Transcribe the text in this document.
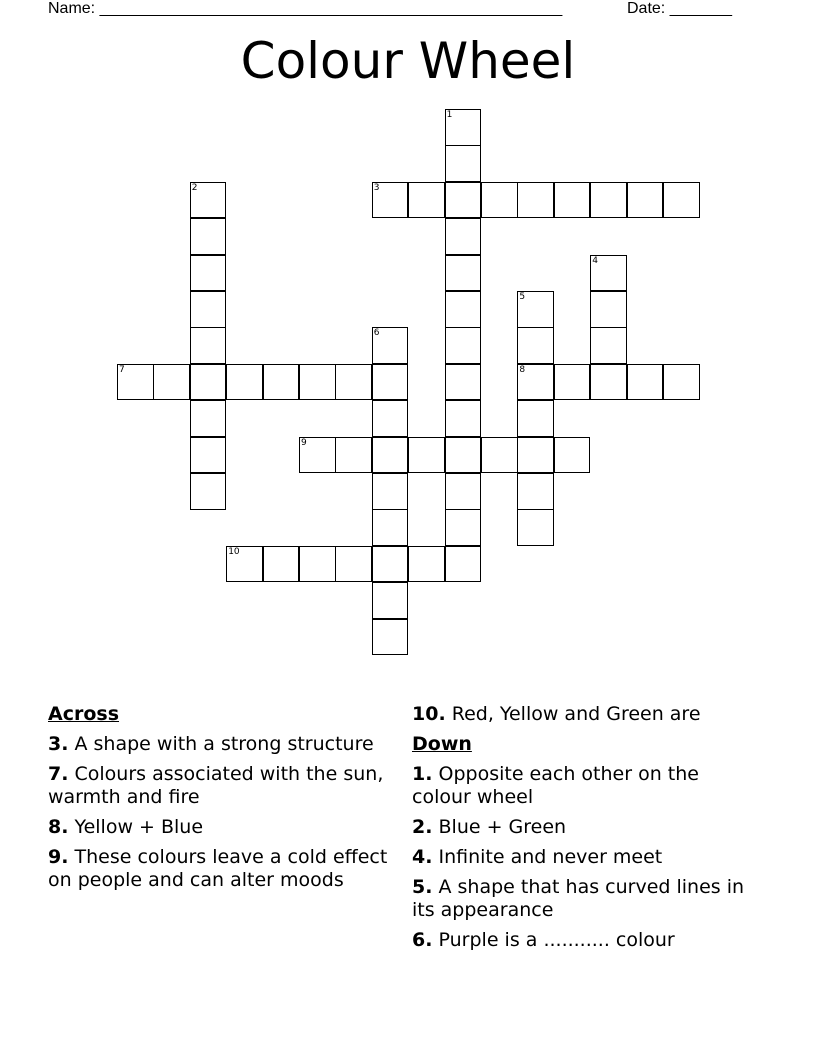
Name: ____________________________________________________	Date: _______
Colour Wheel
1
2	3
4
5
8
6
7
9
10
Across
3. A shape with a strong structure
7. Colours associated with the sun, warmth and fire
8. Yellow + Blue
9. These colours leave a cold effect on people and can alter moods
10. Red, Yellow and Green are
Down
1. Opposite each other on the colour wheel
2. Blue + Green
4. Infinite and never meet
5. A shape that has curved lines in its appearance
6. Purple is a ........... colour
